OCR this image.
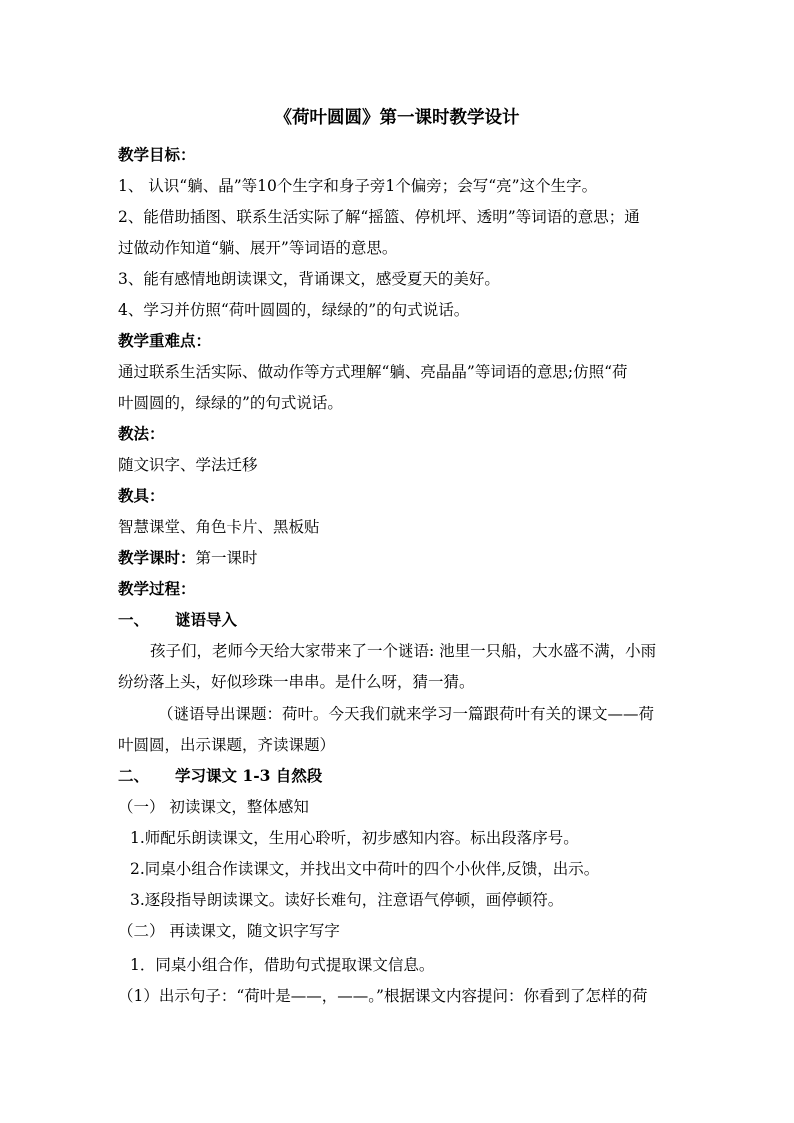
《荷叶圆圆》第一课时教学设计
教学目标：
1、 认识“躺、晶”等10个生字和身子旁1个偏旁；会写“亮”这个生字。
2、能借助插图、联系生活实际了解“摇篮、停机坪、透明”等词语的意思；通
过做动作知道“躺、展开”等词语的意思。
3、能有感情地朗读课文，背诵课文，感受夏天的美好。
4、学习并仿照“荷叶圆圆的，绿绿的”的句式说话。
教学重难点：
通过联系生活实际、做动作等方式理解“躺、亮晶晶”等词语的意思;仿照“荷
叶圆圆的，绿绿的”的句式说话。
教法：
随文识字、学法迁移
教具：
智慧课堂、角色卡片、黑板贴
教学课时：第一课时
教学过程：
一、 谜语导入
孩子们，老师今天给大家带来了一个谜语: 池里一只船，大水盛不满，小雨
纷纷落上头，好似珍珠一串串。是什么呀，猜一猜。
（谜语导出课题：荷叶。今天我们就来学习一篇跟荷叶有关的课文——荷
叶圆圆，出示课题，齐读课题）
二、 学习课文 1-3 自然段
（一） 初读课文，整体感知
1.师配乐朗读课文，生用心聆听，初步感知内容。标出段落序号。
2.同桌小组合作读课文，并找出文中荷叶的四个小伙伴,反馈，出示。
3.逐段指导朗读课文。读好长难句，注意语气停顿，画停顿符。
（二） 再读课文，随文识字写字
1．同桌小组合作，借助句式提取课文信息。
（1）出示句子：“荷叶是——，——。”根据课文内容提问：你看到了怎样的荷
